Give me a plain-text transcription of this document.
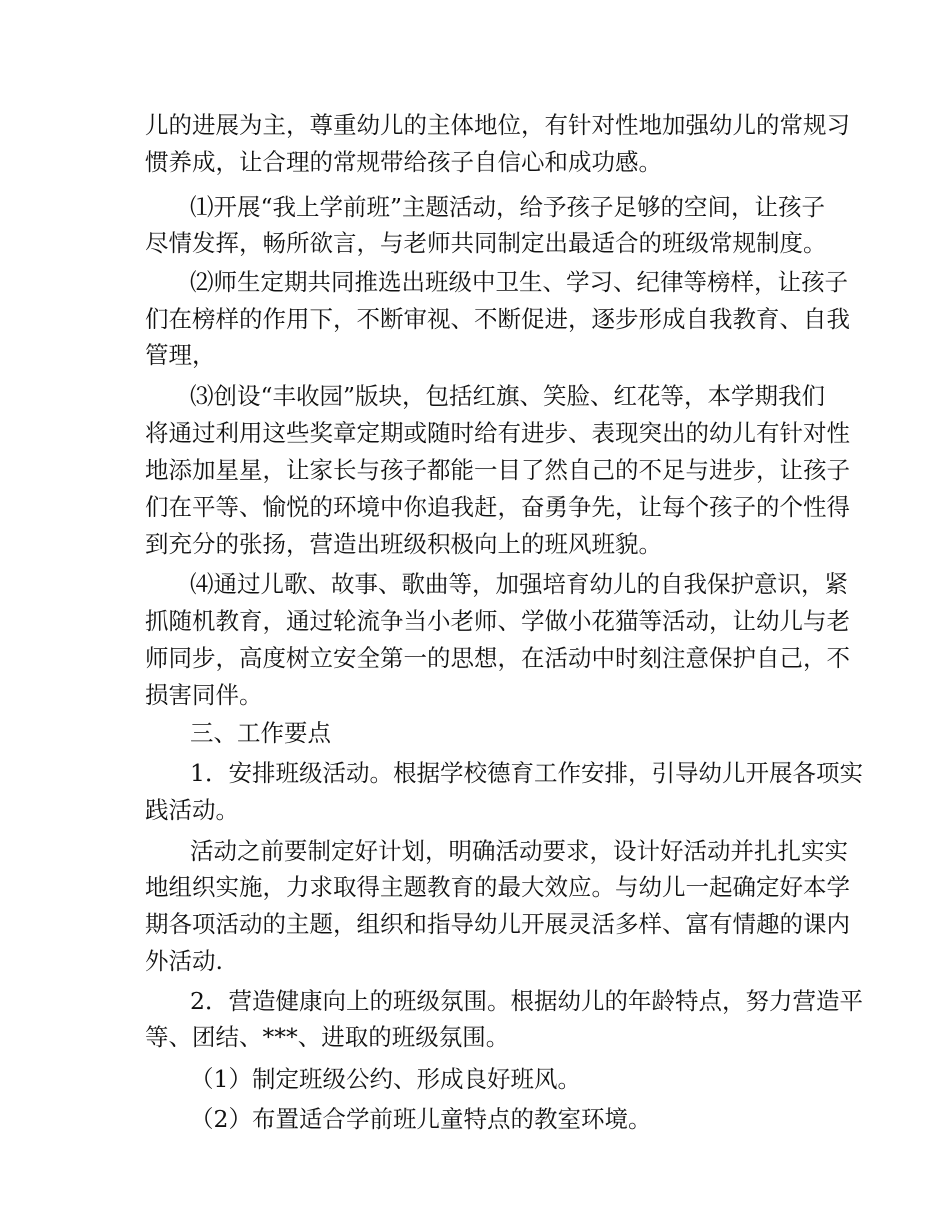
儿的进展为主，尊重幼儿的主体地位，有针对性地加强幼儿的常规习
惯养成，让合理的常规带给孩子自信心和成功感。
⑴开展“我上学前班”主题活动，给予孩子足够的空间，让孩子
尽情发挥，畅所欲言，与老师共同制定出最适合的班级常规制度。
⑵师生定期共同推选出班级中卫生、学习、纪律等榜样，让孩子
们在榜样的作用下，不断审视、不断促进，逐步形成自我教育、自我
管理，
⑶创设“丰收园”版块，包括红旗、笑脸、红花等，本学期我们
将通过利用这些奖章定期或随时给有进步、表现突出的幼儿有针对性
地添加星星，让家长与孩子都能一目了然自己的不足与进步，让孩子
们在平等、愉悦的环境中你追我赶，奋勇争先，让每个孩子的个性得
到充分的张扬，营造出班级积极向上的班风班貌。
⑷通过儿歌、故事、歌曲等，加强培育幼儿的自我保护意识，紧
抓随机教育，通过轮流争当小老师、学做小花猫等活动，让幼儿与老
师同步，高度树立安全第一的思想，在活动中时刻注意保护自己，不
损害同伴。
三、工作要点
1．安排班级活动。根据学校德育工作安排，引导幼儿开展各项实
践活动。
活动之前要制定好计划，明确活动要求，设计好活动并扎扎实实
地组织实施，力求取得主题教育的最大效应。与幼儿一起确定好本学
期各项活动的主题，组织和指导幼儿开展灵活多样、富有情趣的课内
外活动.
2．营造健康向上的班级氛围。根据幼儿的年龄特点，努力营造平
等、团结、***、进取的班级氛围。
（1）制定班级公约、形成良好班风。
（2）布置适合学前班儿童特点的教室环境。
